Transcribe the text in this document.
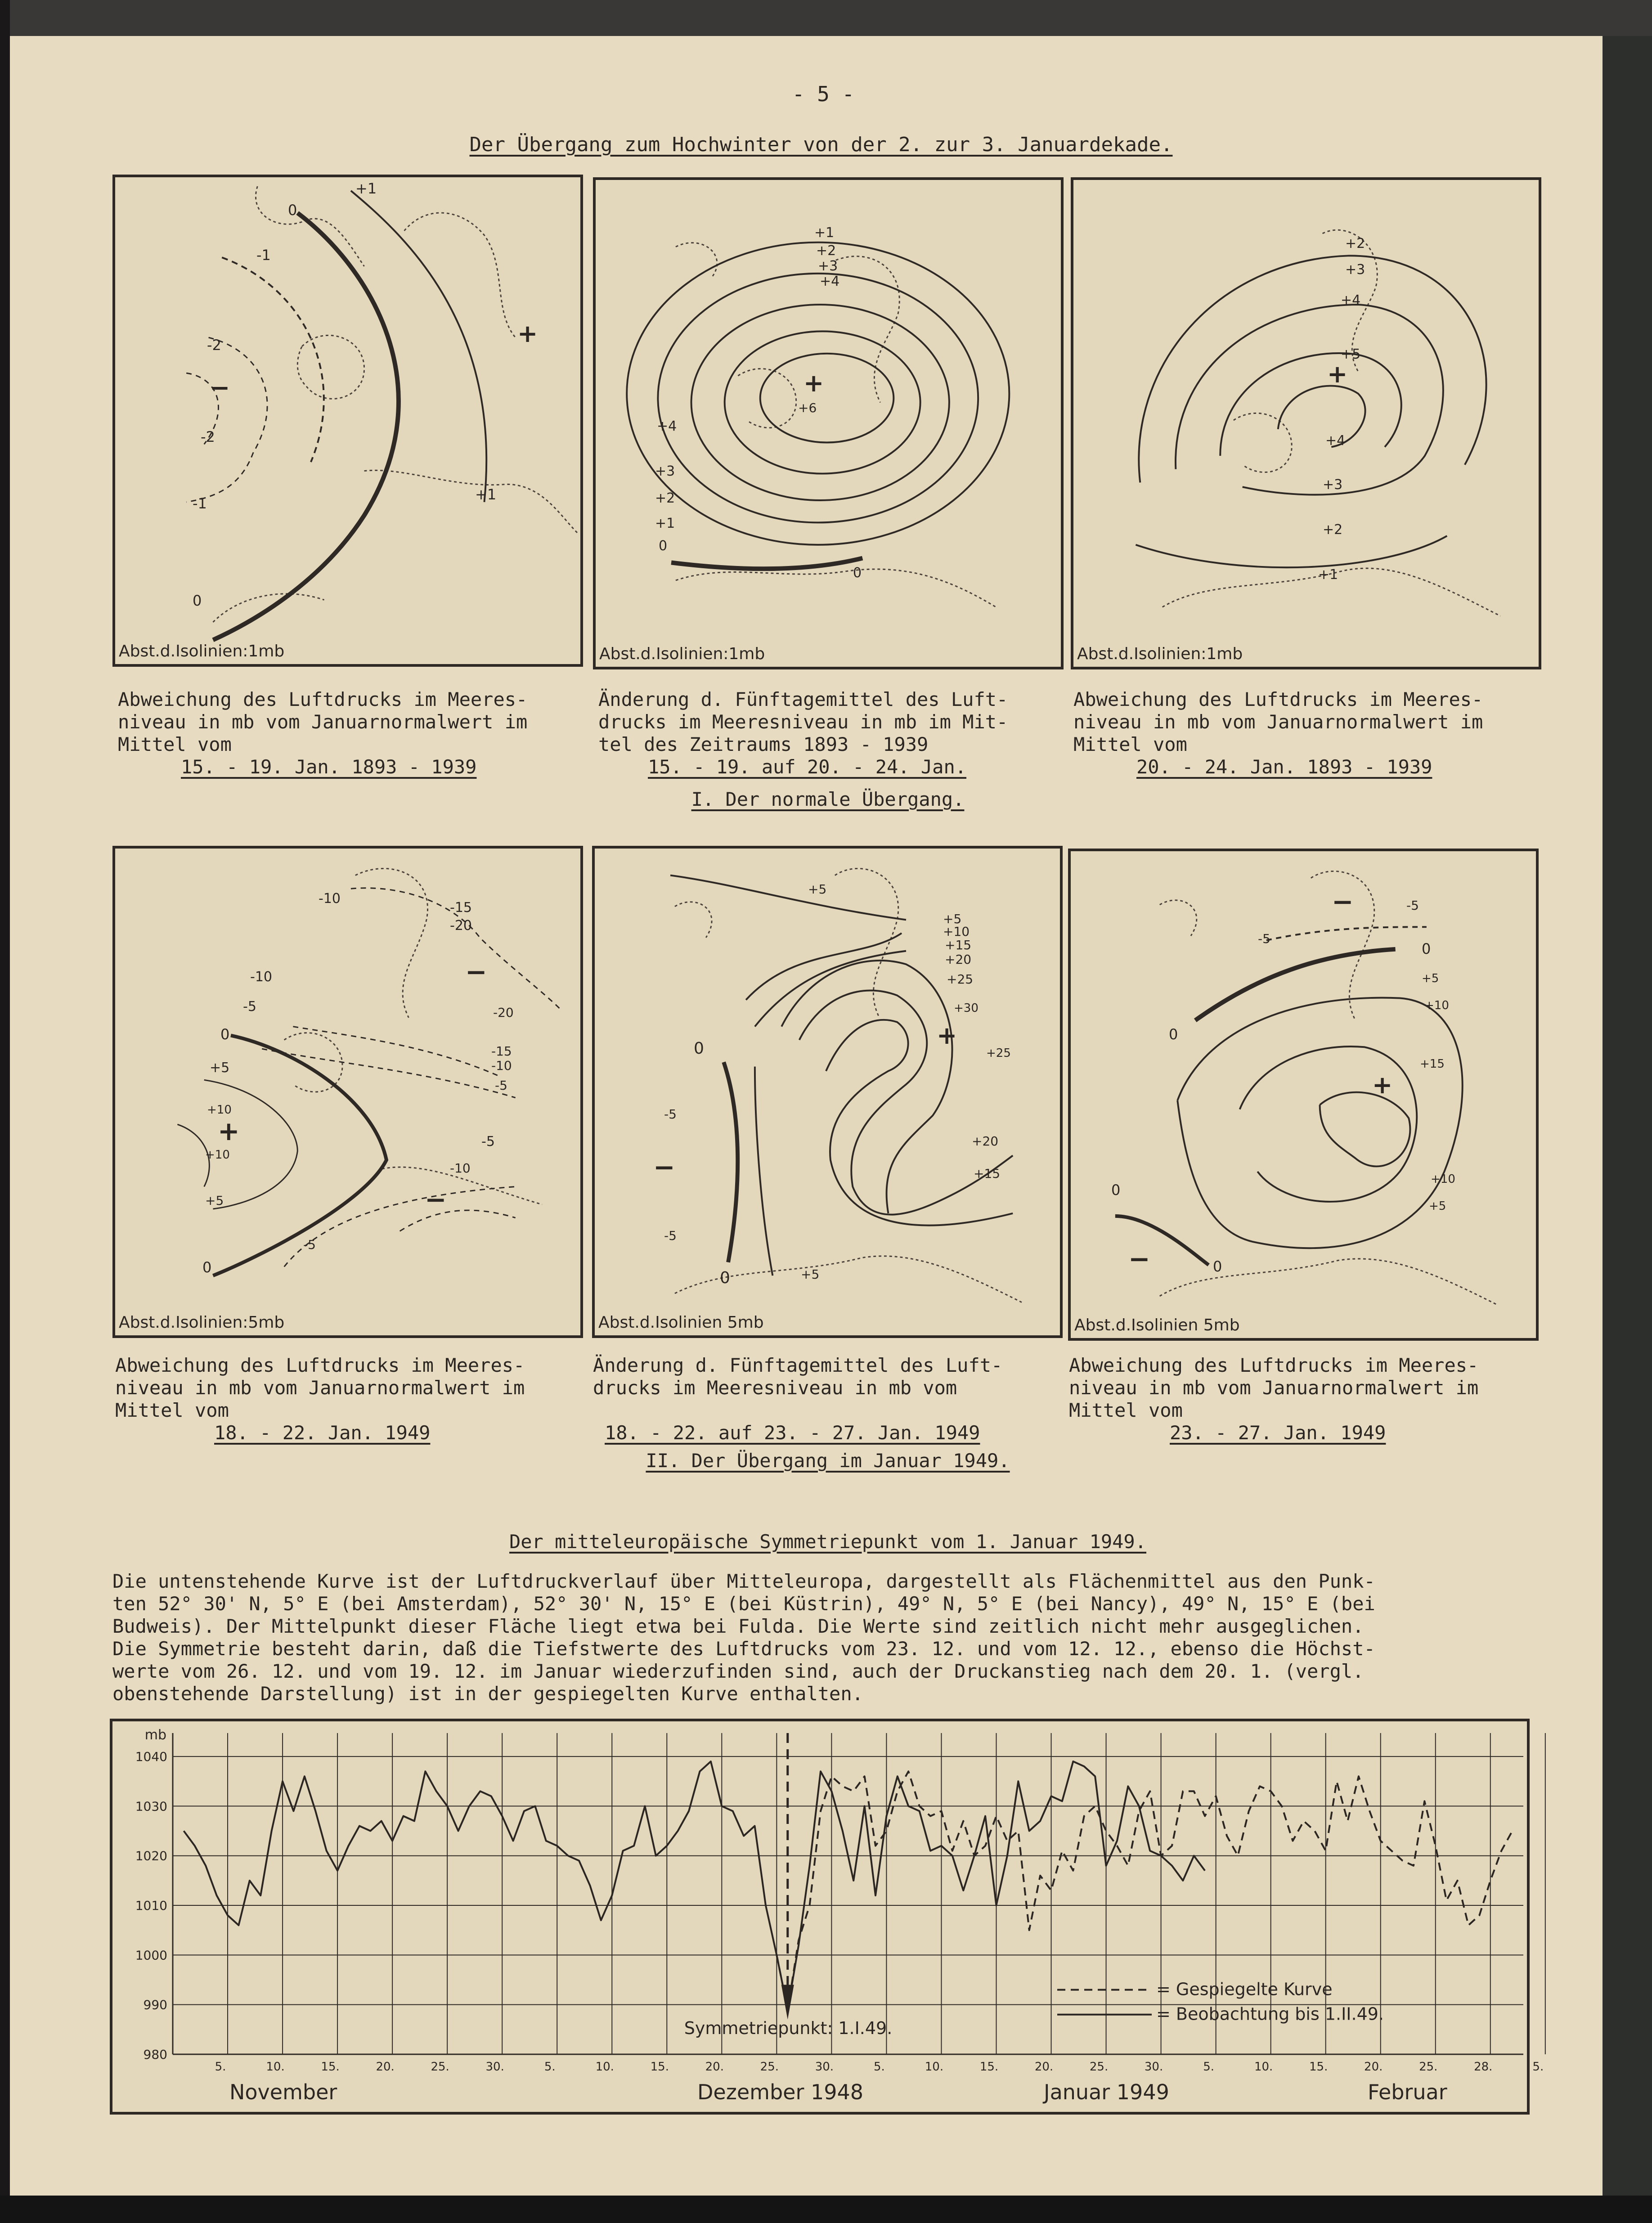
- 5 -
Der Übergang zum Hochwinter von der 2. zur 3. Januardekade.
Abst.d.Isolinien:1mb	Abst.d.Isolinien:1mb	Abst.d.Isolinien:1mb
+1
0
-1
-2
-2
-1
+1
0
+
−
+1
+2
+3
+4
+6
+
+4
+3
+2
+1
0
0
+2
+3
+4
+5
+4
+3
+2
+1
+
Abweichung des Luftdrucks im Meeres-
niveau in mb vom Januarnormalwert im
Mittel vom
15. - 19. Jan. 1893 - 1939
Änderung d. Fünftagemittel des Luft-
drucks im Meeresniveau in mb im Mit-
tel des Zeitraums 1893 - 1939
15. - 19. auf 20. - 24. Jan.
Abweichung des Luftdrucks im Meeres-
niveau in mb vom Januarnormalwert im
Mittel vom
20. - 24. Jan. 1893 - 1939
I. Der normale Übergang.
Abst.d.Isolinien:5mb	Abst.d.Isolinien 5mb	Abst.d.Isolinien 5mb
-10
-15
-20
-10
-5
0
+5
+10
+10
+5
0
-5
-10
-5
-20
-15
-10
-5
+
−
−
+5
+5
+10
+15
+20
+25
+30
+25
0
-5
-5
0	+5
+20
+15
+
−
-5
-5
0
+5
+10
+15
0
+10
+5
0
0
+
−
−
Abweichung des Luftdrucks im Meeres-
niveau in mb vom Januarnormalwert im
Mittel vom
18. - 22. Jan. 1949
Änderung d. Fünftagemittel des Luft-
drucks im Meeresniveau in mb vom
18. - 22. auf 23. - 27. Jan. 1949
Abweichung des Luftdrucks im Meeres-
niveau in mb vom Januarnormalwert im
Mittel vom
23. - 27. Jan. 1949
II. Der Übergang im Januar 1949.
Der mitteleuropäische Symmetriepunkt vom 1. Januar 1949.
Die untenstehende Kurve ist der Luftdruckverlauf über Mitteleuropa, dargestellt als Flächenmittel aus den Punk-
ten 52° 30' N, 5° E (bei Amsterdam), 52° 30' N, 15° E (bei Küstrin), 49° N, 5° E (bei Nancy), 49° N, 15° E (bei
Budweis). Der Mittelpunkt dieser Fläche liegt etwa bei Fulda. Die Werte sind zeitlich nicht mehr ausgeglichen.
Die Symmetrie besteht darin, daß die Tiefstwerte des Luftdrucks vom 23. 12. und vom 12. 12., ebenso die Höchst-
werte vom 26. 12. und vom 19. 12. im Januar wiederzufinden sind, auch der Druckanstieg nach dem 20. 1. (vergl.
obenstehende Darstellung) ist in der gespiegelten Kurve enthalten.
1040
1030
1020
1010
1000
990
980
mb
5.	10.	15.	20.	25.	30.	5.	10.	15.	20.	25.	30.	5.	10.	15.	20.	25.	30.	5.	10.	15.	20.	25.	28.	5.
November	Dezember 1948	Januar 1949	Februar
Symmetriepunkt: 1.I.49.
= Gespiegelte Kurve
= Beobachtung bis 1.II.49.
